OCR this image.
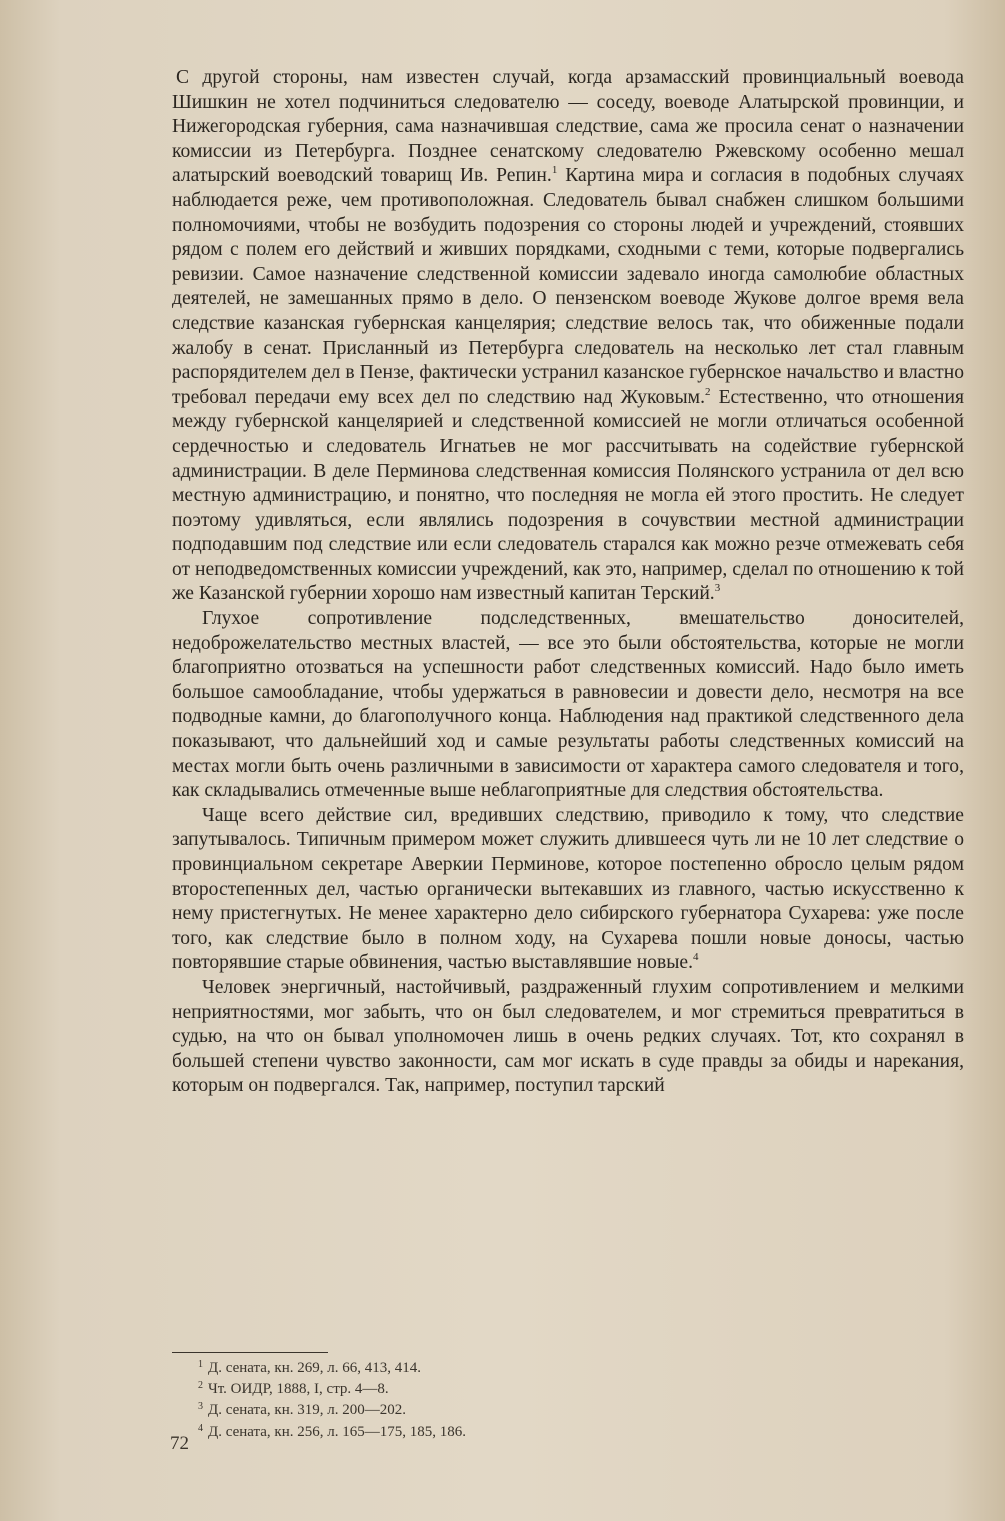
С другой стороны, нам известен случай, когда арзамасский провинциальный воевода Шишкин не хотел подчиниться следователю — соседу, воеводе Алатырской провинции, и Нижегородская губерния, сама назначившая следствие, сама же просила сенат о назначении комиссии из Петербурга. Позднее сенатскому следователю Ржевскому особенно мешал алатырский воеводский товарищ Ив. Репин.$^1$ Картина мира и согласия в подобных случаях наблюдается реже, чем противоположная. Следователь бывал снабжен слишком большими полномочиями, чтобы не возбудить подозрения со стороны людей и учреждений, стоявших рядом с полем его действий и живших порядками, сходными с теми, которые подвергались ревизии. Самое назначение следственной комиссии задевало иногда самолюбие областных деятелей, не замешанных прямо в дело. О пензенском воеводе Жукове долгое время вела следствие казанская губернская канцелярия; следствие велось так, что обиженные подали жалобу в сенат. Присланный из Петербурга следователь на несколько лет стал главным распорядителем дел в Пензе, фактически устранил казанское губернское начальство и властно требовал передачи ему всех дел по следствию над Жуковым.$^2$ Естественно, что отношения между губернской канцелярией и следственной комиссией не могли отличаться особенной сердечностью и следователь Игнатьев не мог рассчитывать на содействие губернской администрации. В деле Перминова следственная комиссия Полянского устранила от дел всю местную администрацию, и понятно, что последняя не могла ей этого простить. Не следует поэтому удивляться, если являлись подозрения в сочувствии местной администрации подподавшим под следствие или если следователь старался как можно резче отмежевать себя от неподведомственных комиссии учреждений, как это, например, сделал по отношению к той же Казанской губернии хорошо нам известный капитан Терский.$^3$

Глухое сопротивление подследственных, вмешательство доносителей, недоброжелательство местных властей, — все это были обстоятельства, которые не могли благоприятно отозваться на успешности работ следственных комиссий. Надо было иметь большое самообладание, чтобы удержаться в равновесии и довести дело, несмотря на все подводные камни, до благополучного конца. Наблюдения над практикой следственного дела показывают, что дальнейший ход и самые результаты работы следственных комиссий на местах могли быть очень различными в зависимости от характера самого следователя и того, как складывались отмеченные выше неблагоприятные для следствия обстоятельства.

Чаще всего действие сил, вредивших следствию, приводило к тому, что следствие запутывалось. Типичным примером может служить длившееся чуть ли не 10 лет следствие о провинциальном секретаре Аверкии Перминове, которое постепенно обросло целым рядом второстепенных дел, частью органически вытекавших из главного, частью искусственно к нему пристегнутых. Не менее характерно дело сибирского губернатора Сухарева: уже после того, как следствие было в полном ходу, на Сухарева пошли новые доносы, частью повторявшие старые обвинения, частью выставлявшие новые.$^4$

Человек энергичный, настойчивый, раздраженный глухим сопротивлением и мелкими неприятностями, мог забыть, что он был следователем, и мог стремиться превратиться в судью, на что он бывал уполномочен лишь в очень редких случаях. Тот, кто сохранял в большей степени чувство законности, сам мог искать в суде правды за обиды и нарекания, которым он подвергался. Так, например, поступил тарский

$^1$ Д. сената, кн. 269, л. 66, 413, 414.
$^2$ Чт. ОИДР, 1888, I, стр. 4—8.
$^3$ Д. сената, кн. 319, л. 200—202.
$^4$ Д. сената, кн. 256, л. 165—175, 185, 186.
72
